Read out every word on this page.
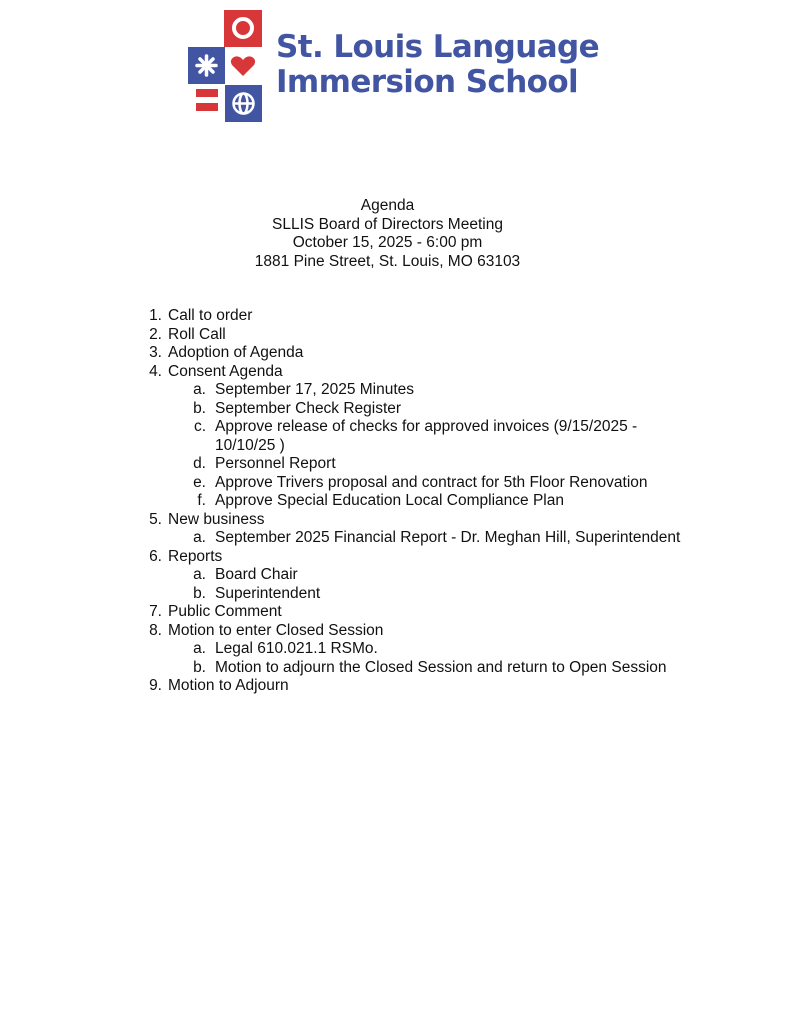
St. Louis Language
Immersion School
Agenda
SLLIS Board of Directors Meeting
October 15, 2025 - 6:00 pm
1881 Pine Street, St. Louis, MO 63103
1. Call to order
2. Roll Call
3. Adoption of Agenda
4. Consent Agenda
a. September 17, 2025 Minutes
b. September Check Register
c. Approve release of checks for approved invoices (9/15/2025 -
10/10/25 )
d. Personnel Report
e. Approve Trivers proposal and contract for 5th Floor Renovation
f. Approve Special Education Local Compliance Plan
5. New business
a. September 2025 Financial Report - Dr. Meghan Hill, Superintendent
6. Reports
a. Board Chair
b. Superintendent
7. Public Comment
8. Motion to enter Closed Session
a. Legal 610.021.1 RSMo.
b. Motion to adjourn the Closed Session and return to Open Session
9. Motion to Adjourn
